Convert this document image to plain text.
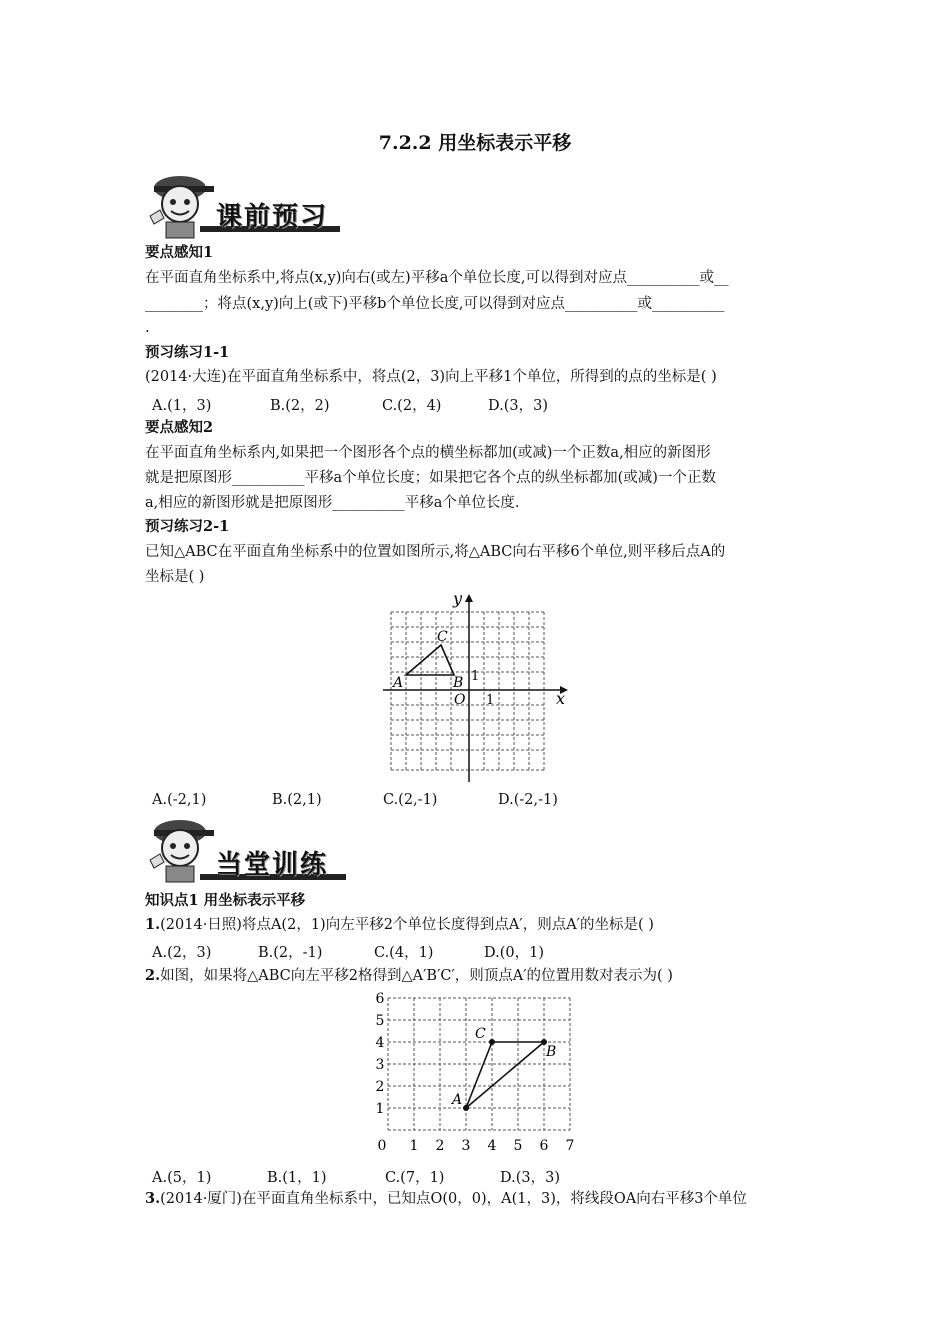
7.2.2 用坐标表示平移
课前预习
要点感知1
在平面直角坐标系中,将点(x,y)向右(或左)平移a个单位长度,可以得到对应点__________或__
________；将点(x,y)向上(或下)平移b个单位长度,可以得到对应点__________或__________
.
预习练习1-1
(2014·大连)在平面直角坐标系中，将点(2，3)向上平移1个单位，所得到的点的坐标是( )
A.(1，3)	B.(2，2)	C.(2，4)	D.(3，3)
要点感知2
在平面直角坐标系内,如果把一个图形各个点的横坐标都加(或减)一个正数a,相应的新图形
就是把原图形__________平移a个单位长度；如果把它各个点的纵坐标都加(或减)一个正数
a,相应的新图形就是把原图形__________平移a个单位长度.
预习练习2-1
已知△ABC在平面直角坐标系中的位置如图所示,将△ABC向右平移6个单位,则平移后点A的
坐标是( )
y
x
A	B
C
O
1
1
A.(-2,1)	B.(2,1)	C.(2,-1)	D.(-2,-1)
当堂训练
知识点1 用坐标表示平移
1.(2014·日照)将点A(2，1)向左平移2个单位长度得到点A′，则点A′的坐标是( )
A.(2，3)	B.(2，-1)	C.(4，1)	D.(0，1)
2.如图，如果将△ABC向左平移2格得到△A′B′C′，则顶点A′的位置用数对表示为( )
A
B
C
0 1 2 3 4 5 6 7
1
2
3
4
5
6
A.(5，1)	B.(1，1)	C.(7，1)	D.(3，3)
3.(2014·厦门)在平面直角坐标系中，已知点O(0，0)，A(1，3)，将线段OA向右平移3个单位
